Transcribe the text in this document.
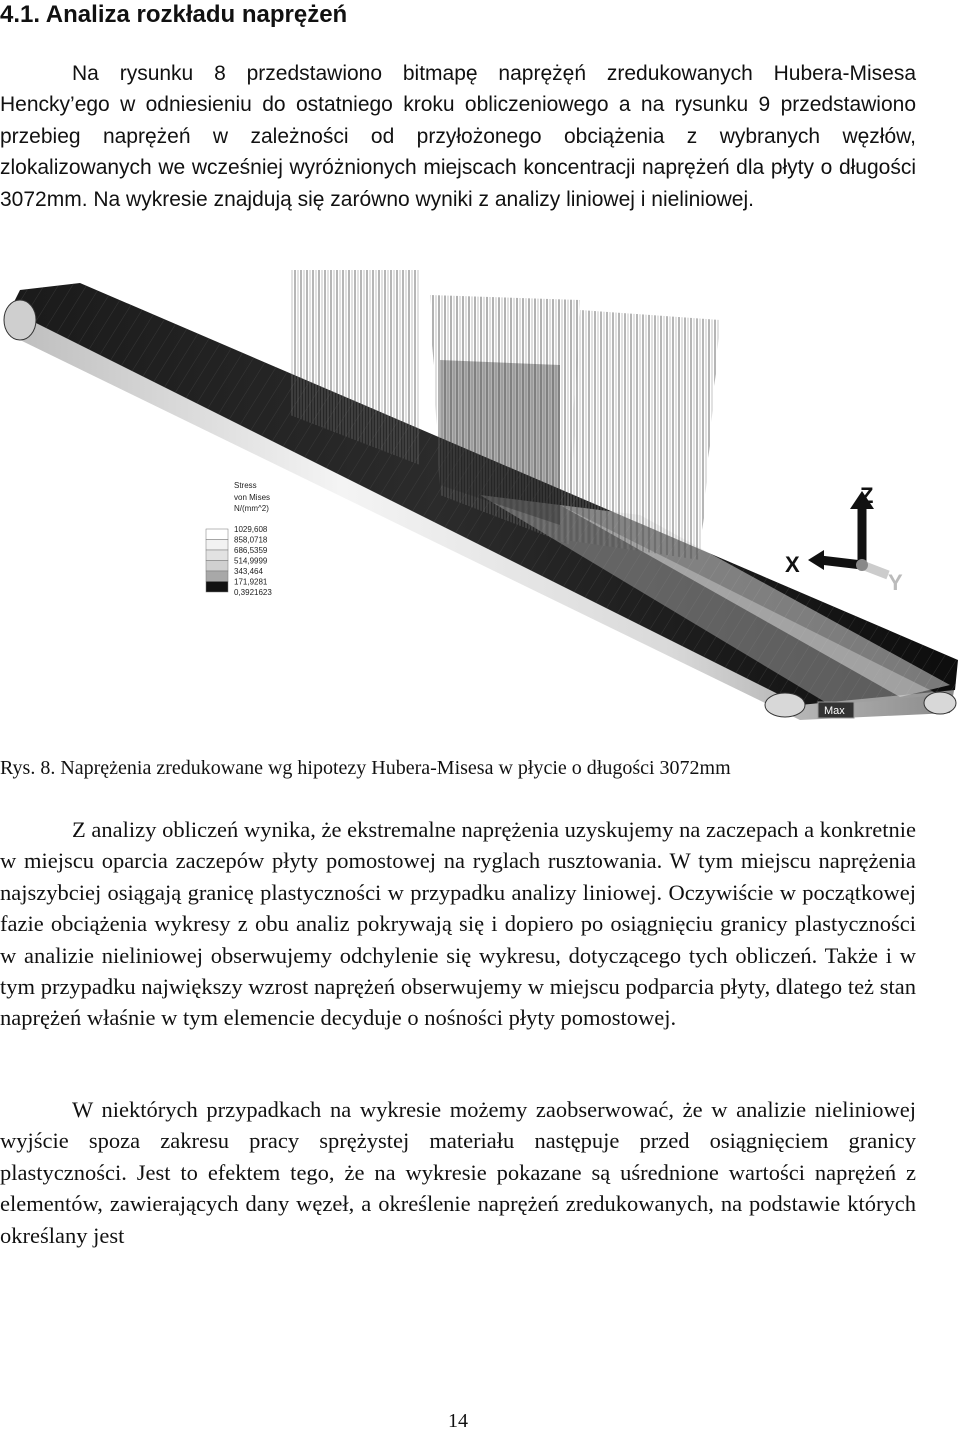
4.1. Analiza rozkładu naprężeń

Na rysunku 8 przedstawiono bitmapę naprężęń zredukowanych Hubera-Misesa Hencky’ego w odniesieniu do ostatniego kroku obliczeniowego a na rysunku 9 przedstawiono przebieg naprężeń w zależności od przyłożonego obciążenia z wybranych węzłów, zlokalizowanych we wcześniej wyróżnionych miejscach koncentracji naprężeń dla płyty o długości 3072mm. Na wykresie znajdują się zarówno wyniki z analizy liniowej i nieliniowej.

Max
Stress
von Mises
N/(mm^2)
1029,608
858,0718
686,5359
514,9999
343,464
171,9281
0,3921623
Z
X
Y

Rys. 8. Naprężenia zredukowane wg hipotezy Hubera-Misesa w płycie o długości 3072mm

Z analizy obliczeń wynika, że ekstremalne naprężenia uzyskujemy na zaczepach a konkretnie w miejscu oparcia zaczepów płyty pomostowej na ryglach rusztowania. W tym miejscu naprężenia najszybciej osiągają granicę plastyczności w przypadku analizy liniowej. Oczywiście w początkowej fazie obciążenia wykresy z obu analiz pokrywają się i dopiero po osiągnięciu granicy plastyczności w analizie nieliniowej obserwujemy odchylenie się wykresu, dotyczącego tych obliczeń. Także i w tym przypadku największy wzrost naprężeń obserwujemy w miejscu podparcia płyty, dlatego też stan naprężeń właśnie w tym elemencie decyduje o nośności płyty pomostowej.

W niektórych przypadkach na wykresie możemy zaobserwować, że w analizie nieliniowej wyjście spoza zakresu pracy sprężystej materiału następuje przed osiągnięciem granicy plastyczności. Jest to efektem tego, że na wykresie pokazane są uśrednione wartości naprężeń z elementów, zawierających dany węzeł, a określenie naprężeń zredukowanych, na podstawie których określany jest

14
